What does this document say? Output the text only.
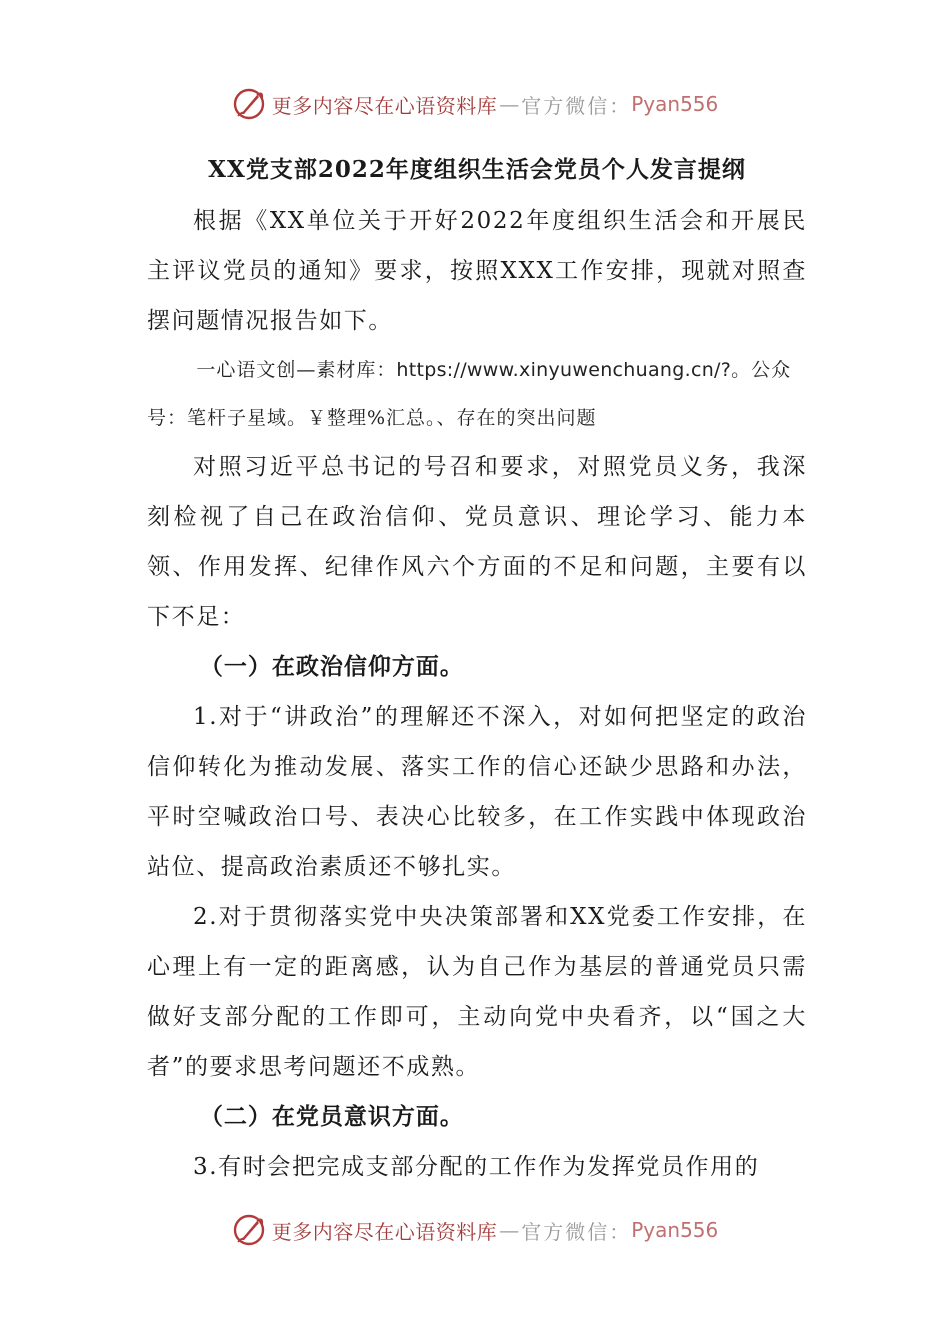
更多内容尽在心语资料库 — 官方微信： Pyan556

XX党支部2022年度组织生活会党员个人发言提纲

根据《XX单位关于开好2022年度组织生活会和开展民主评议党员的通知》要求，按照XXX工作安排，现就对照查摆问题情况报告如下。

一心语文创—素材库：https://www.xinyuwenchuang.cn/?。公众号：笔杆子星域。￥整理%汇总。、存在的突出问题

对照习近平总书记的号召和要求，对照党员义务，我深刻检视了自己在政治信仰、党员意识、理论学习、能力本领、作用发挥、纪律作风六个方面的不足和问题，主要有以下不足：

（一）在政治信仰方面。

1.对于“讲政治”的理解还不深入，对如何把坚定的政治信仰转化为推动发展、落实工作的信心还缺少思路和办法，平时空喊政治口号、表决心比较多，在工作实践中体现政治站位、提高政治素质还不够扎实。

2.对于贯彻落实党中央决策部署和XX党委工作安排，在心理上有一定的距离感，认为自己作为基层的普通党员只需做好支部分配的工作即可，主动向党中央看齐，以“国之大者”的要求思考问题还不成熟。

（二）在党员意识方面。

3.有时会把完成支部分配的工作作为发挥党员作用的

更多内容尽在心语资料库 — 官方微信： Pyan556
